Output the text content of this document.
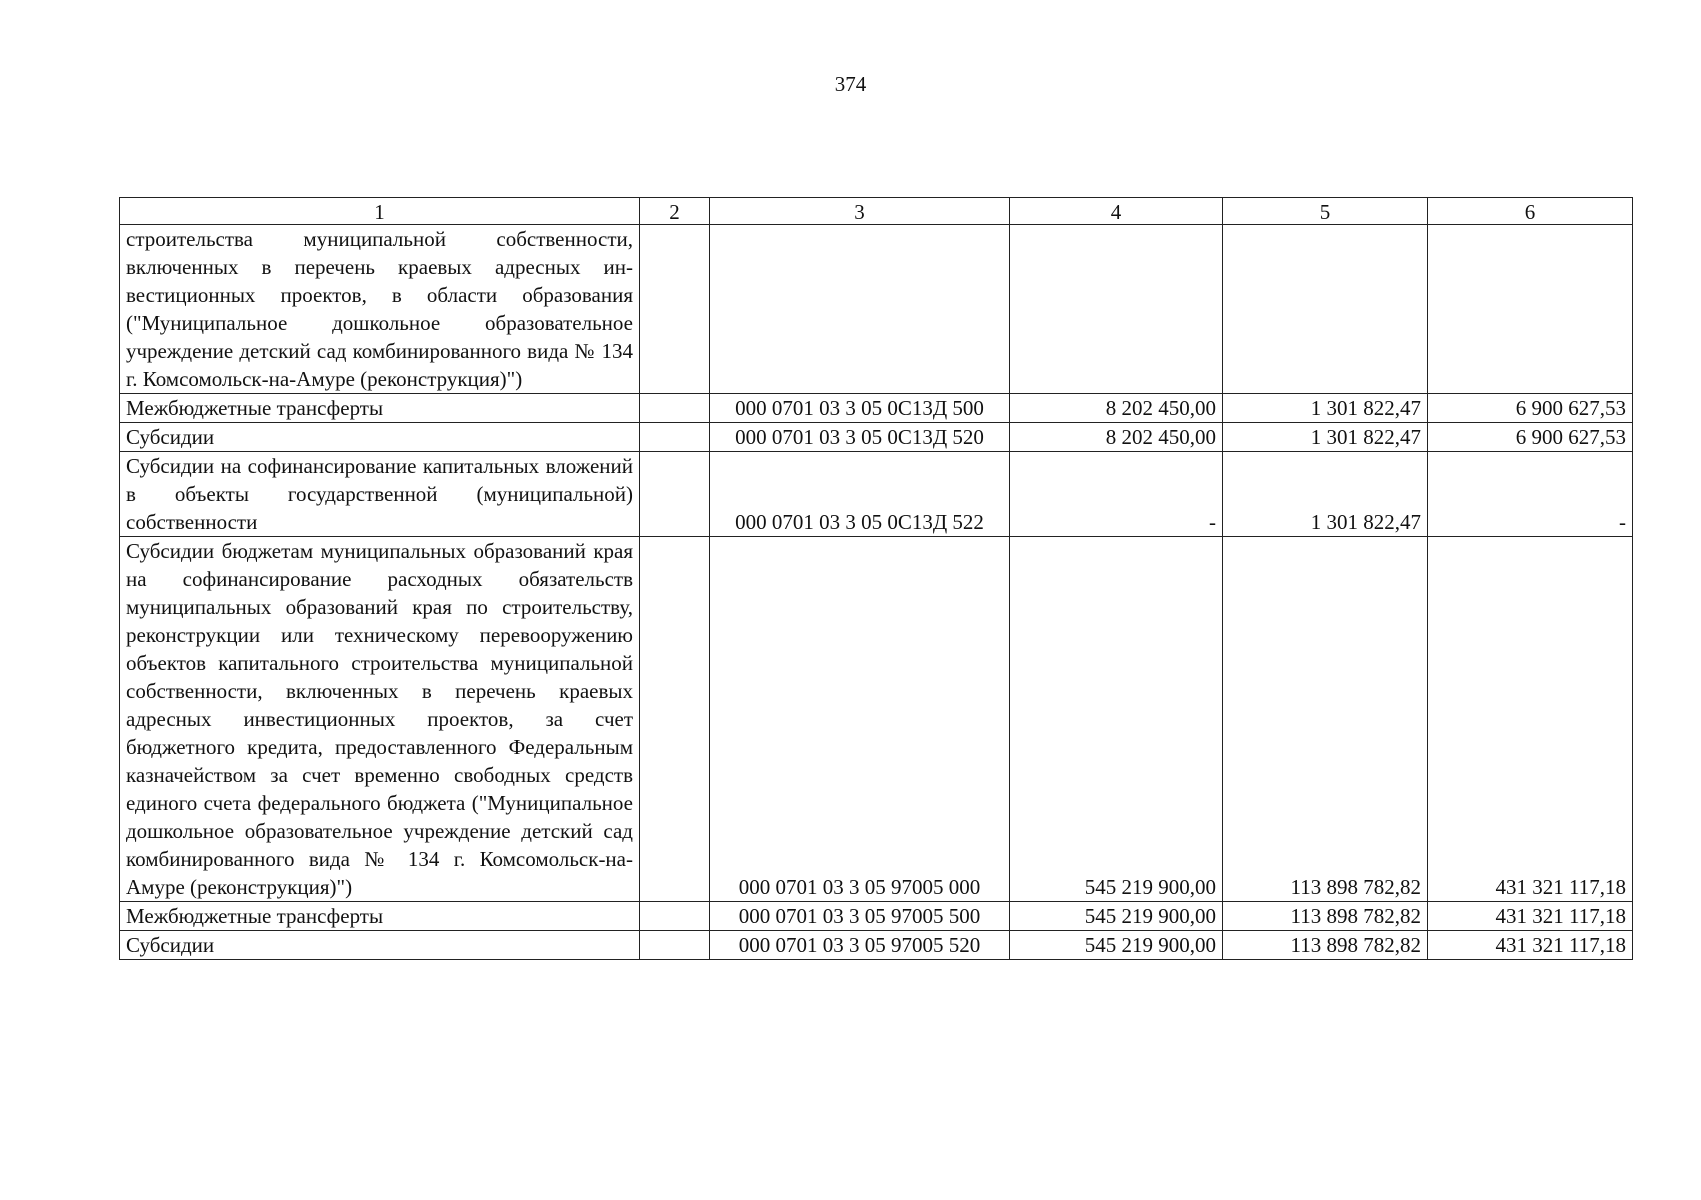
374
1	2	3	4	5	6
строительства муниципальной собственности, включенных в перечень краевых адресных инвестиционных проектов, в области образования ("Муниципальное дошкольное образовательное учреждение детский сад комбинированного вида № 134 г. Комсомольск-на-Амуре (реконструкция)")					
Межбюджетные трансферты		000 0701 03 3 05 0С13Д 500	8 202 450,00	1 301 822,47	6 900 627,53
Субсидии		000 0701 03 3 05 0С13Д 520	8 202 450,00	1 301 822,47	6 900 627,53
Субсидии на софинансирование капитальных вложений в объекты государственной (муниципальной) собственности		000 0701 03 3 05 0С13Д 522	-	1 301 822,47	-
Субсидии бюджетам муниципальных образований края на софинансирование расходных обязательств муниципальных образований края по строительству, реконструкции или техническому перевооружению объектов капитального строительства муниципальной собственности, включенных в перечень краевых адресных инвестиционных проектов, за счет бюджетного кредита, предоставленного Федеральным казначейством за счет временно свободных средств единого счета федерального бюджета ("Муниципальное дошкольное образовательное учреждение детский сад комбинированного вида № 134 г. Комсомольск-на-Амуре (реконструкция)")		000 0701 03 3 05 97005 000	545 219 900,00	113 898 782,82	431 321 117,18
Межбюджетные трансферты		000 0701 03 3 05 97005 500	545 219 900,00	113 898 782,82	431 321 117,18
Субсидии		000 0701 03 3 05 97005 520	545 219 900,00	113 898 782,82	431 321 117,18
